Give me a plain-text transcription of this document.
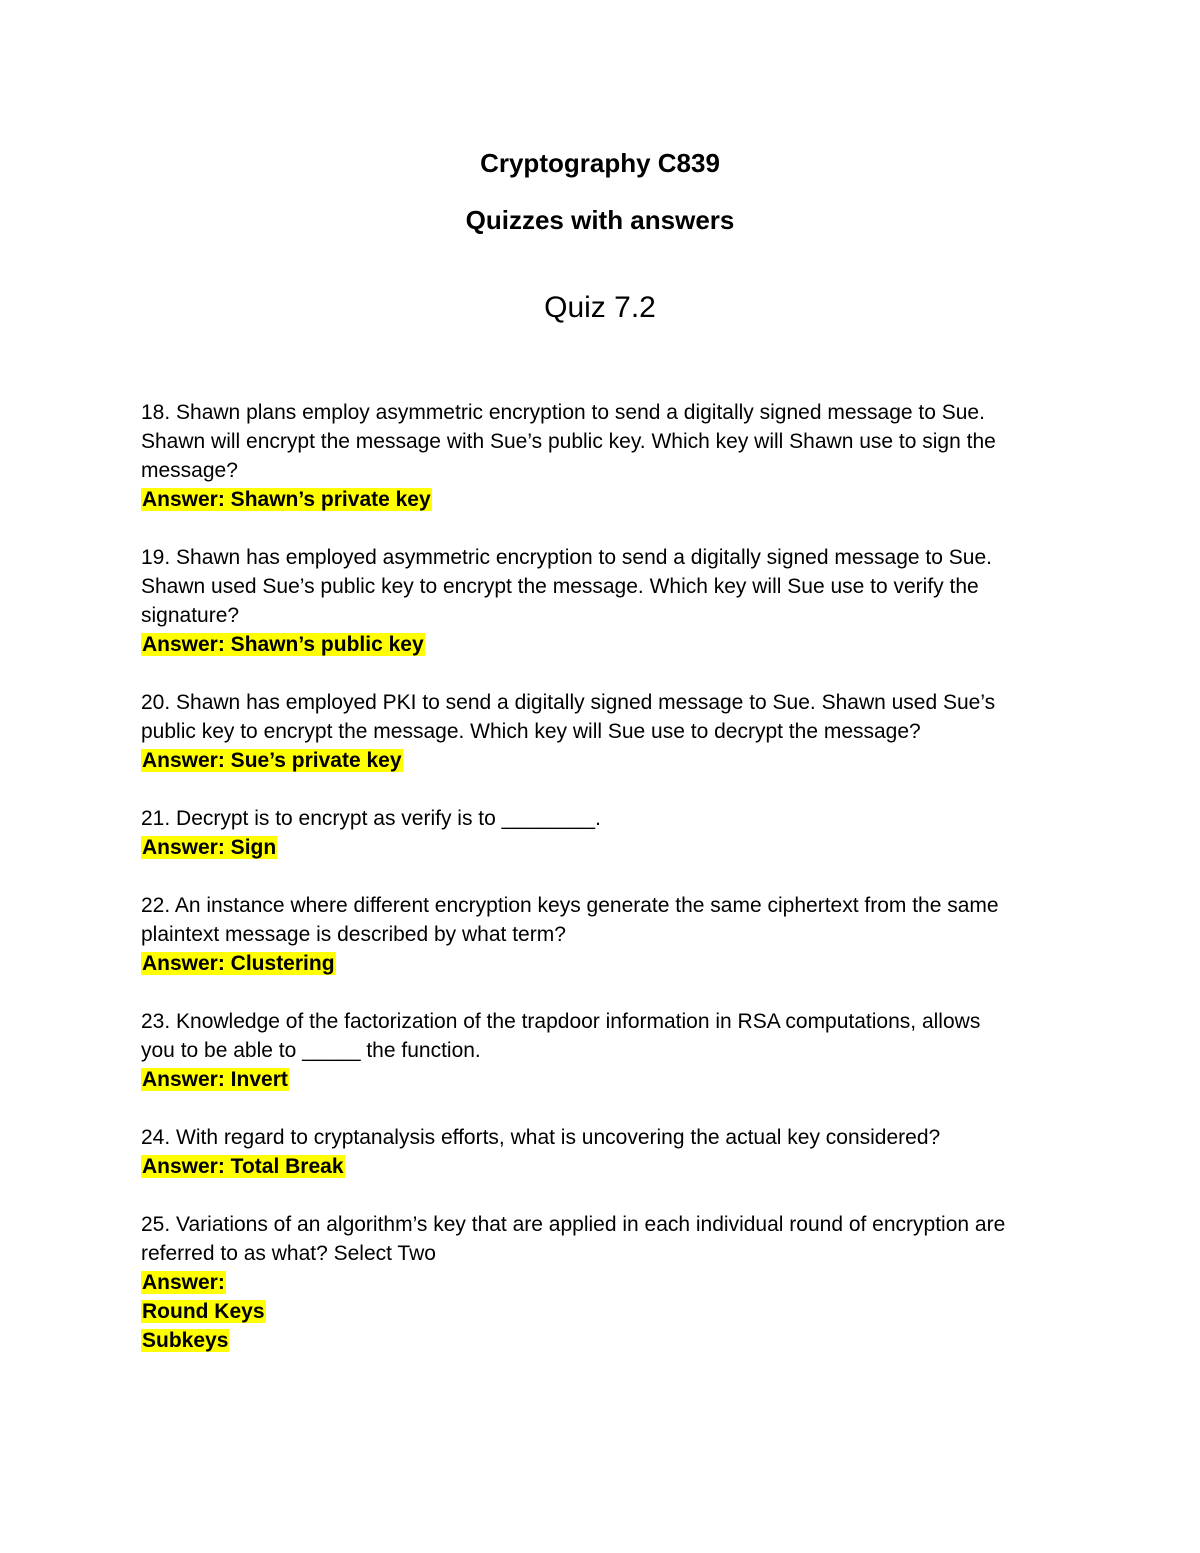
Cryptography C839
Quizzes with answers
Quiz 7.2
18. Shawn plans employ asymmetric encryption to send a digitally signed message to Sue.
Shawn will encrypt the message with Sue’s public key. Which key will Shawn use to sign the
message?
Answer: Shawn’s private key
19. Shawn has employed asymmetric encryption to send a digitally signed message to Sue.
Shawn used Sue’s public key to encrypt the message. Which key will Sue use to verify the
signature?
Answer: Shawn’s public key
20. Shawn has employed PKI to send a digitally signed message to Sue. Shawn used Sue’s
public key to encrypt the message. Which key will Sue use to decrypt the message?
Answer: Sue’s private key
21. Decrypt is to encrypt as verify is to ________.
Answer: Sign
22. An instance where different encryption keys generate the same ciphertext from the same
plaintext message is described by what term?
Answer: Clustering
23. Knowledge of the factorization of the trapdoor information in RSA computations, allows
you to be able to _____ the function.
Answer: Invert
24. With regard to cryptanalysis efforts, what is uncovering the actual key considered?
Answer: Total Break
25. Variations of an algorithm’s key that are applied in each individual round of encryption are
referred to as what? Select Two
Answer:
Round Keys
Subkeys
